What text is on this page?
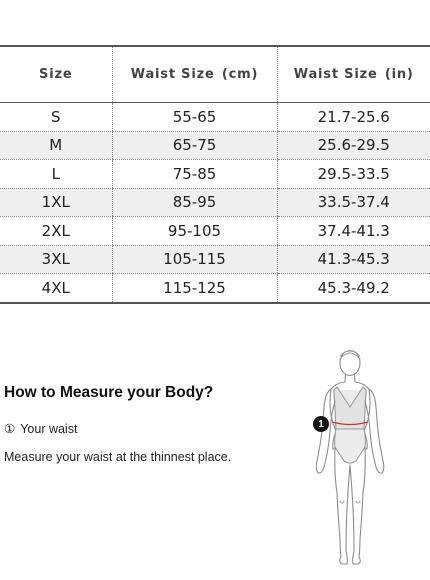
Size	Waist Size (cm)	Waist Size (in)
S	55-65	21.7-25.6
M	65-75	25.6-29.5
L	75-85	29.5-33.5
1XL	85-95	33.5-37.4
2XL	95-105	37.4-41.3
3XL	105-115	41.3-45.3
4XL	115-125	45.3-49.2
How to Measure your Body?
① Your waist
Measure your waist at the thinnest place.
1
